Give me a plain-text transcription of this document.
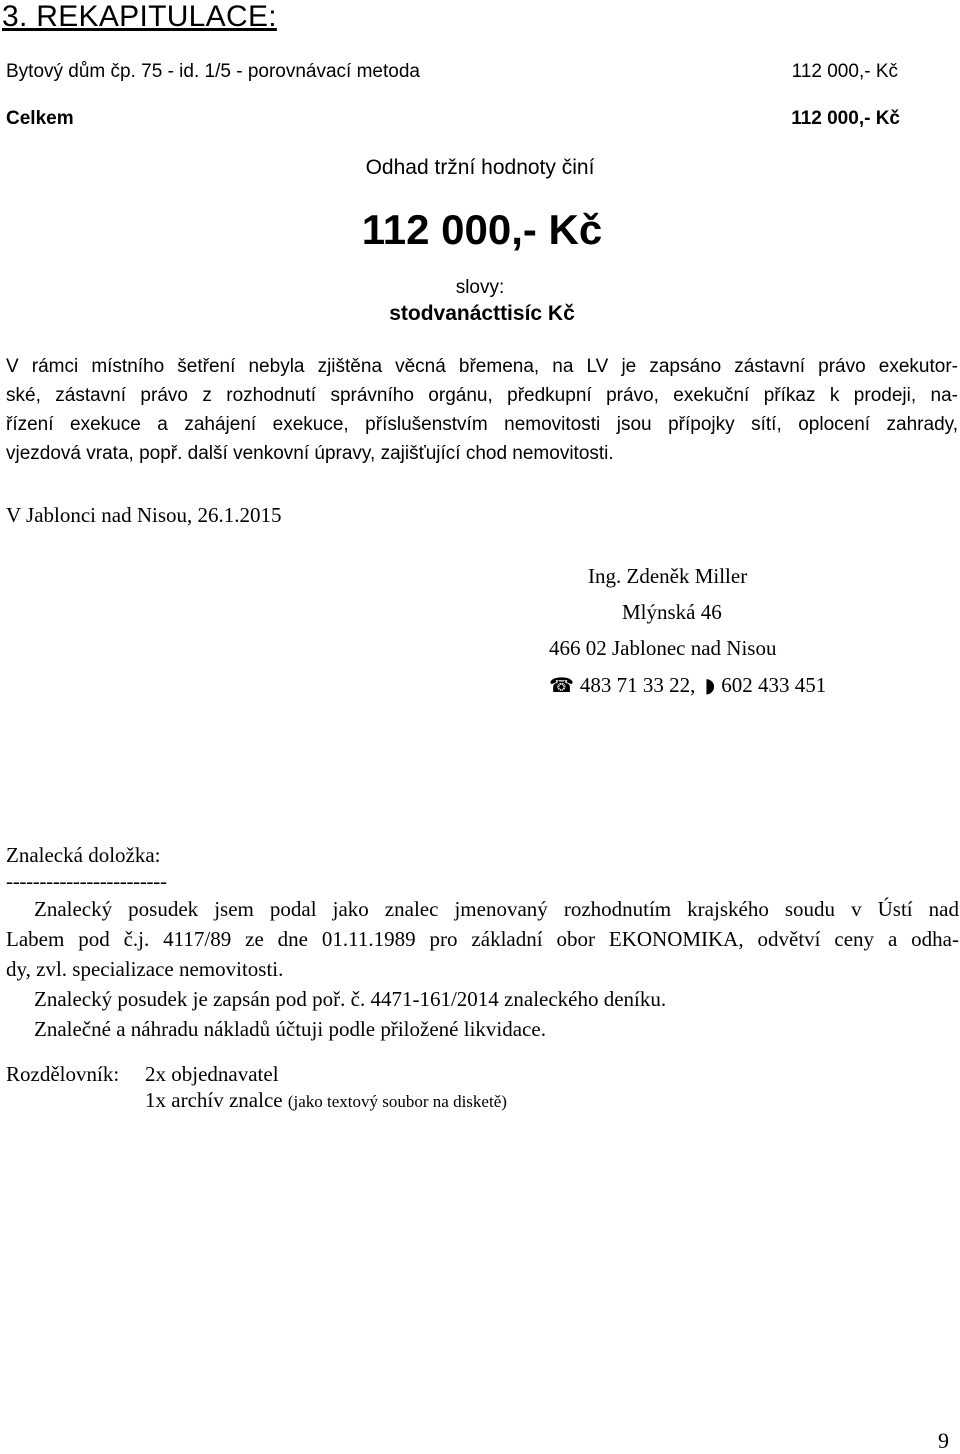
3. REKAPITULACE:
Bytový dům čp. 75 - id. 1/5 - porovnávací metoda	112 000,- Kč
Celkem	112 000,- Kč
Odhad tržní hodnoty činí
112 000,- Kč
slovy:
stodvanácttisíc Kč
V rámci místního šetření nebyla zjištěna věcná břemena, na LV je zapsáno zástavní právo exekutor-
ské, zástavní právo z rozhodnutí správního orgánu, předkupní právo, exekuční příkaz k prodeji, na-
řízení exekuce a zahájení exekuce, příslušenstvím nemovitosti jsou přípojky sítí, oplocení zahrady,
vjezdová vrata, popř. další venkovní úpravy, zajišťující chod nemovitosti.
V Jablonci nad Nisou, 26.1.2015
Ing. Zdeněk Miller
Mlýnská 46
466 02 Jablonec nad Nisou
☎ 483 71 33 22, ◗ 602 433 451
Znalecká doložka:
------------------------
Znalecký posudek jsem podal jako znalec jmenovaný rozhodnutím krajského soudu v Ústí nad
Labem pod č.j. 4117/89 ze dne 01.11.1989 pro základní obor EKONOMIKA, odvětví ceny a odha-
dy, zvl. specializace nemovitosti.
Znalecký posudek je zapsán pod poř. č. 4471-161/2014 znaleckého deníku.
Znalečné a náhradu nákladů účtuji podle přiložené likvidace.
Rozdělovník: 2x objednavatel
1x archív znalce (jako textový soubor na disketě)
9
